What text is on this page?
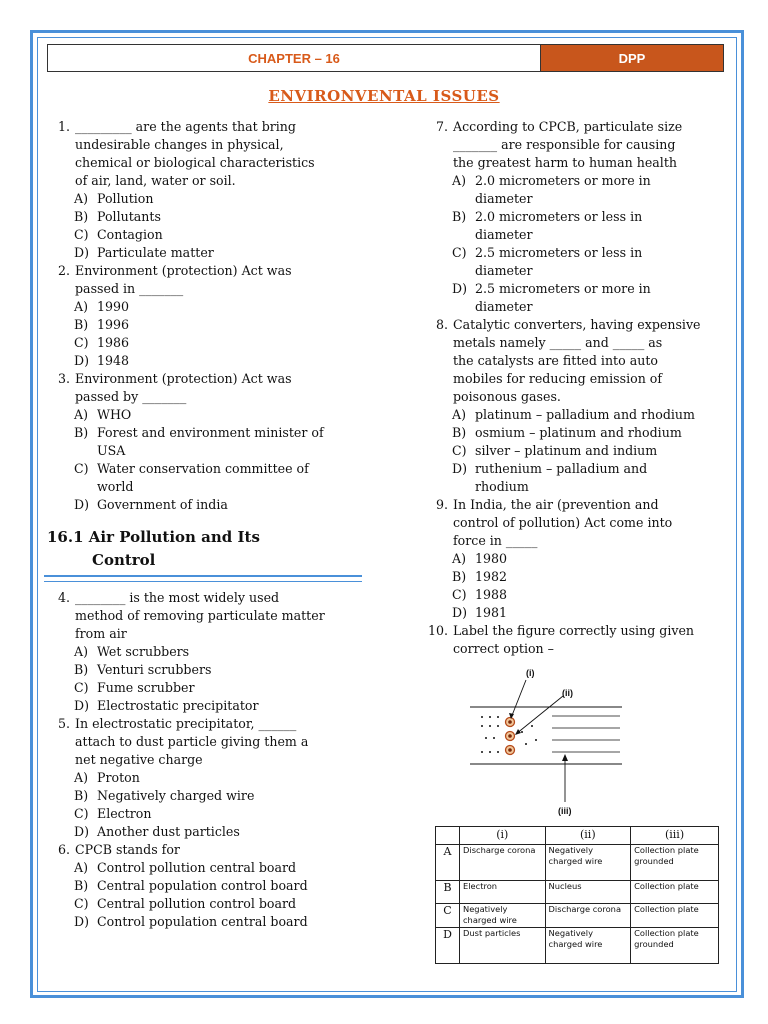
CHAPTER – 16	DPP
ENVIRONVENTAL ISSUES
1. _________ are the agents that bring
undesirable changes in physical,
chemical or biological characteristics
of air, land, water or soil.
A) Pollution
B) Pollutants
C) Contagion
D) Particulate matter
2. Environment (protection) Act was
passed in _______
A) 1990
B) 1996
C) 1986
D) 1948
3. Environment (protection) Act was
passed by _______
A) WHO
B) Forest and environment minister of USA
C) Water conservation committee of world
D) Government of india
16.1 Air Pollution and Its
Control
4. ________ is the most widely used
method of removing particulate matter
from air
A) Wet scrubbers
B) Venturi scrubbers
C) Fume scrubber
D) Electrostatic precipitator
5. In electrostatic precipitator, ______
attach to dust particle giving them a
net negative charge
A) Proton
B) Negatively charged wire
C) Electron
D) Another dust particles
6. CPCB stands for
A) Control pollution central board
B) Central population control board
C) Central pollution control board
D) Control population central board
7. According to CPCB, particulate size
_______ are responsible for causing
the greatest harm to human health
A) 2.0 micrometers or more in diameter
B) 2.0 micrometers or less in diameter
C) 2.5 micrometers or less in diameter
D) 2.5 micrometers or more in diameter
8. Catalytic converters, having expensive
metals namely _____ and _____ as
the catalysts are fitted into auto
mobiles for reducing emission of
poisonous gases.
A) platinum – palladium and rhodium
B) osmium – platinum and rhodium
C) silver – platinum and indium
D) ruthenium – palladium and rhodium
9. In India, the air (prevention and
control of pollution) Act come into
force in _____
A) 1980
B) 1982
C) 1988
D) 1981
10. Label the figure correctly using given
correct option –
(i)
(ii)
(iii)
	(i)	(ii)	(iii)
A	Discharge corona	Negatively charged wire	Collection plate grounded
B	Electron	Nucleus	Collection plate
C	Negatively charged wire	Discharge corona	Collection plate
D	Dust particles	Negatively charged wire	Collection plate grounded
